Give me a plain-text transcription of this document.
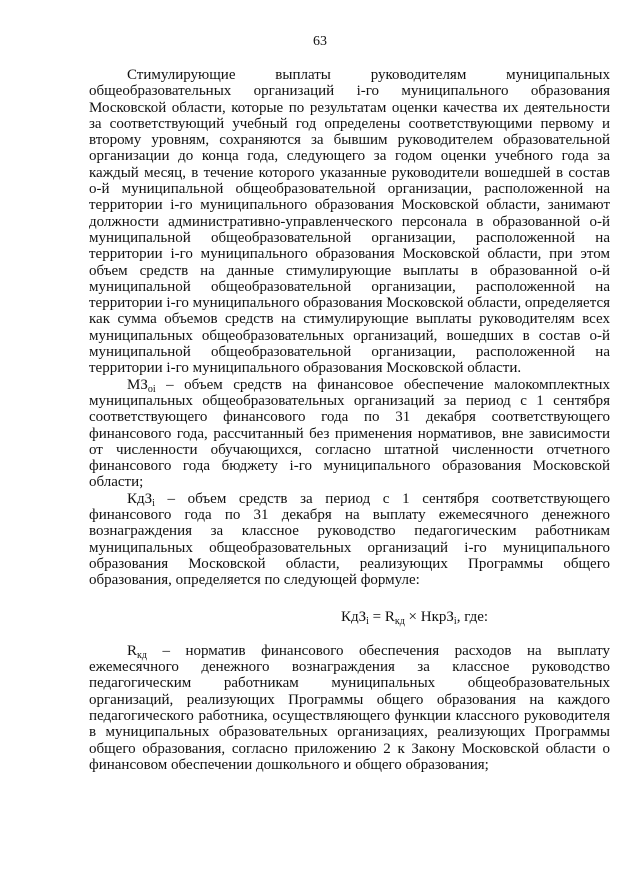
63

Стимулирующие выплаты руководителям муниципальных общеобразовательных организаций i-го муниципального образования Московской области, которые по результатам оценки качества их деятельности за соответствующий учебный год определены соответствующими первому и второму уровням, сохраняются за бывшим руководителем образовательной организации до конца года, следующего за годом оценки учебного года за каждый месяц, в течение которого указанные руководители вошедшей в состав о-й муниципальной общеобразовательной организации, расположенной на территории i-го муниципального образования Московской области, занимают должности административно-управленческого персонала в образованной о-й муниципальной общеобразовательной организации, расположенной на территории i-го муниципального образования Московской области, при этом объем средств на данные стимулирующие выплаты в образованной о-й муниципальной общеобразовательной организации, расположенной на территории i-го муниципального образования Московской области, определяется как сумма объемов средств на стимулирующие выплаты руководителям всех муниципальных общеобразовательных организаций, вошедших в состав о-й муниципальной общеобразовательной организации, расположенной на территории i-го муниципального образования Московской области.

$МЗ_{oi}$ – объем средств на финансовое обеспечение малокомплектных муниципальных общеобразовательных организаций за период с 1 сентября соответствующего финансового года по 31 декабря соответствующего финансового года, рассчитанный без применения нормативов, вне зависимости от численности обучающихся, согласно штатной численности отчетного финансового года бюджету i-го муниципального образования Московской области;

КдЗ$_i$ – объем средств за период с 1 сентября соответствующего финансового года по 31 декабря на выплату ежемесячного денежного вознаграждения за классное руководство педагогическим работникам муниципальных общеобразовательных организаций i-го муниципального образования Московской области, реализующих Программы общего образования, определяется по следующей формуле:

$КдЗ_i = R_{кд}$ × НкрЗ$_i$, где:

$R_{кд}$ – норматив финансового обеспечения расходов на выплату ежемесячного денежного вознаграждения за классное руководство педагогическим работникам муниципальных общеобразовательных организаций, реализующих Программы общего образования на каждого педагогического работника, осуществляющего функции классного руководителя в муниципальных образовательных организациях, реализующих Программы общего образования, согласно приложению 2 к Закону Московской области о финансовом обеспечении дошкольного и общего образования;
